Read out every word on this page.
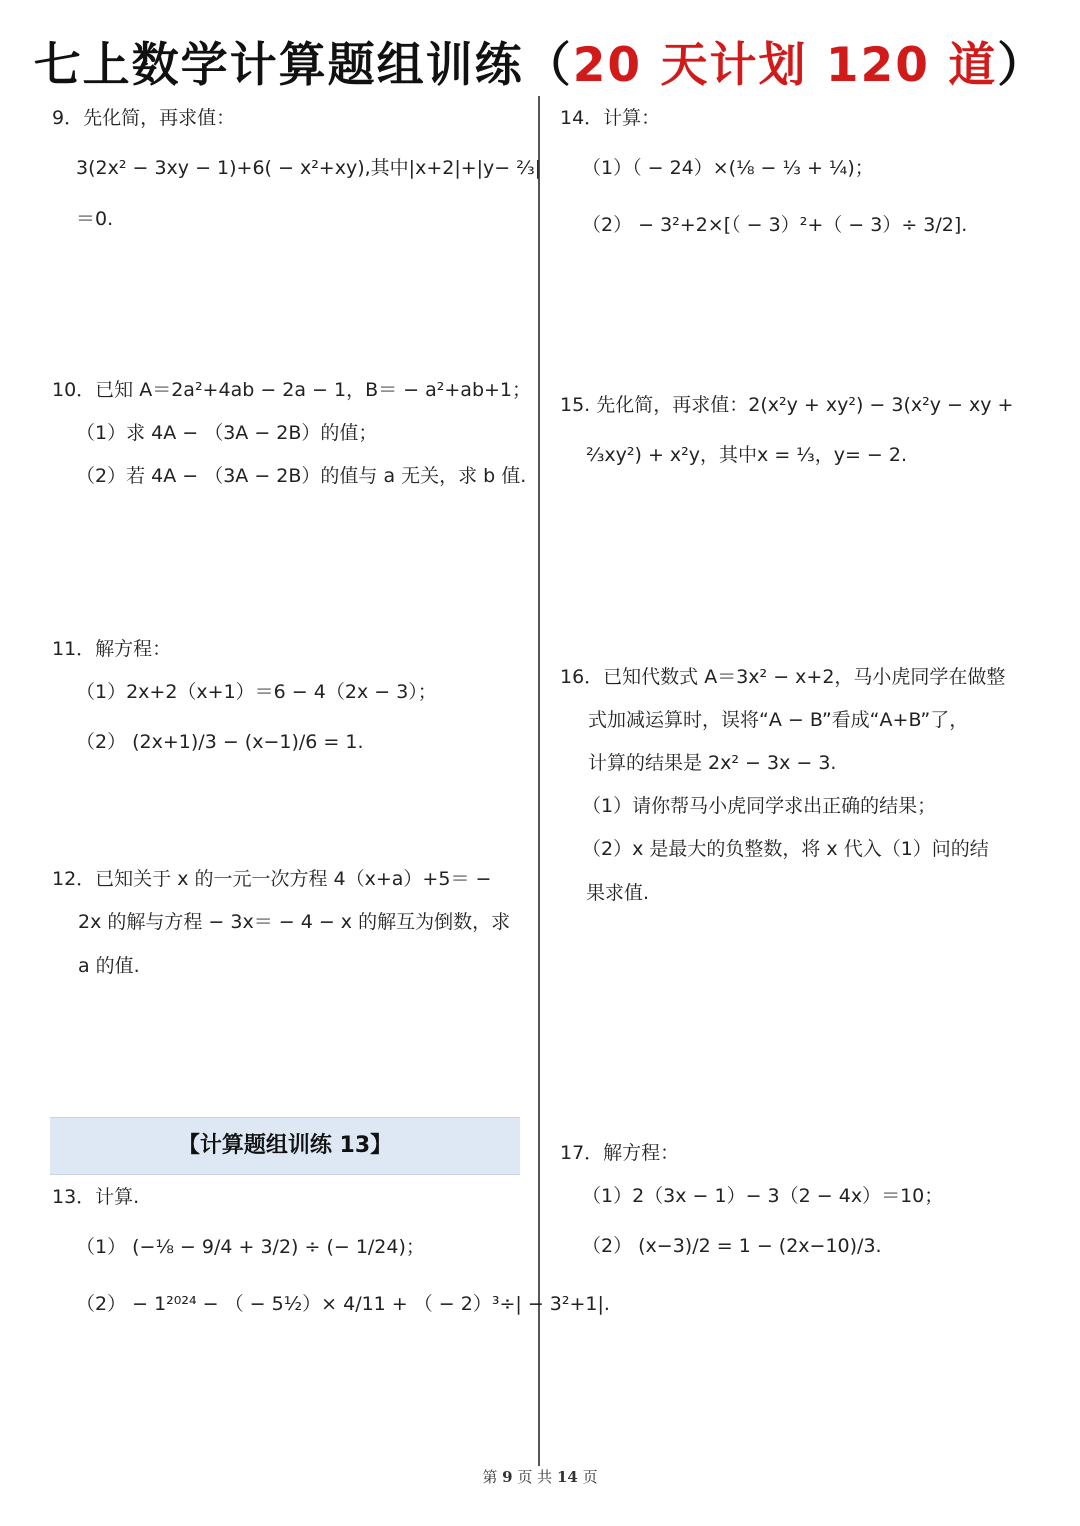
七上数学计算题组训练（20 天计划 120 道）
9．先化简，再求值：
3(2x² − 3xy − 1)+6( − x²+xy),其中|x+2|+|y− ⅔|
＝0.
10．已知 A＝2a²+4ab − 2a − 1，B＝ − a²+ab+1；
（1）求 4A − （3A − 2B）的值；
（2）若 4A − （3A − 2B）的值与 a 无关，求 b 值.
11．解方程：
（1）2x+2（x+1）＝6 − 4（2x − 3）；
（2） (2x+1)/3 − (x−1)/6 = 1.
12．已知关于 x 的一元一次方程 4（x+a）+5＝ −
2x 的解与方程 − 3x＝ − 4 − x 的解互为倒数，求
a 的值.
【计算题组训练 13】
13．计算.
（1） (−⅛ − 9/4 + 3/2) ÷ (− 1/24)；
（2） − 1²⁰²⁴ − （ − 5½）× 4/11 + （ − 2）³÷| − 3²+1|.
14．计算：
（1）（ − 24）×(⅛ − ⅓ + ¼)；
（2） − 3²+2×[（ − 3）²+（ − 3）÷ 3/2].
15. 先化简，再求值：2(x²y + xy²) − 3(x²y − xy +
⅔xy²) + x²y，其中x = ⅓，y= − 2.
16．已知代数式 A＝3x² − x+2，马小虎同学在做整
式加减运算时，误将“A − B”看成“A+B”了，
计算的结果是 2x² − 3x − 3.
（1）请你帮马小虎同学求出正确的结果；
（2）x 是最大的负整数，将 x 代入（1）问的结
果求值.
17．解方程：
（1）2（3x − 1）− 3（2 − 4x）＝10；
（2） (x−3)/2 = 1 − (2x−10)/3.
第 9 页 共 14 页
